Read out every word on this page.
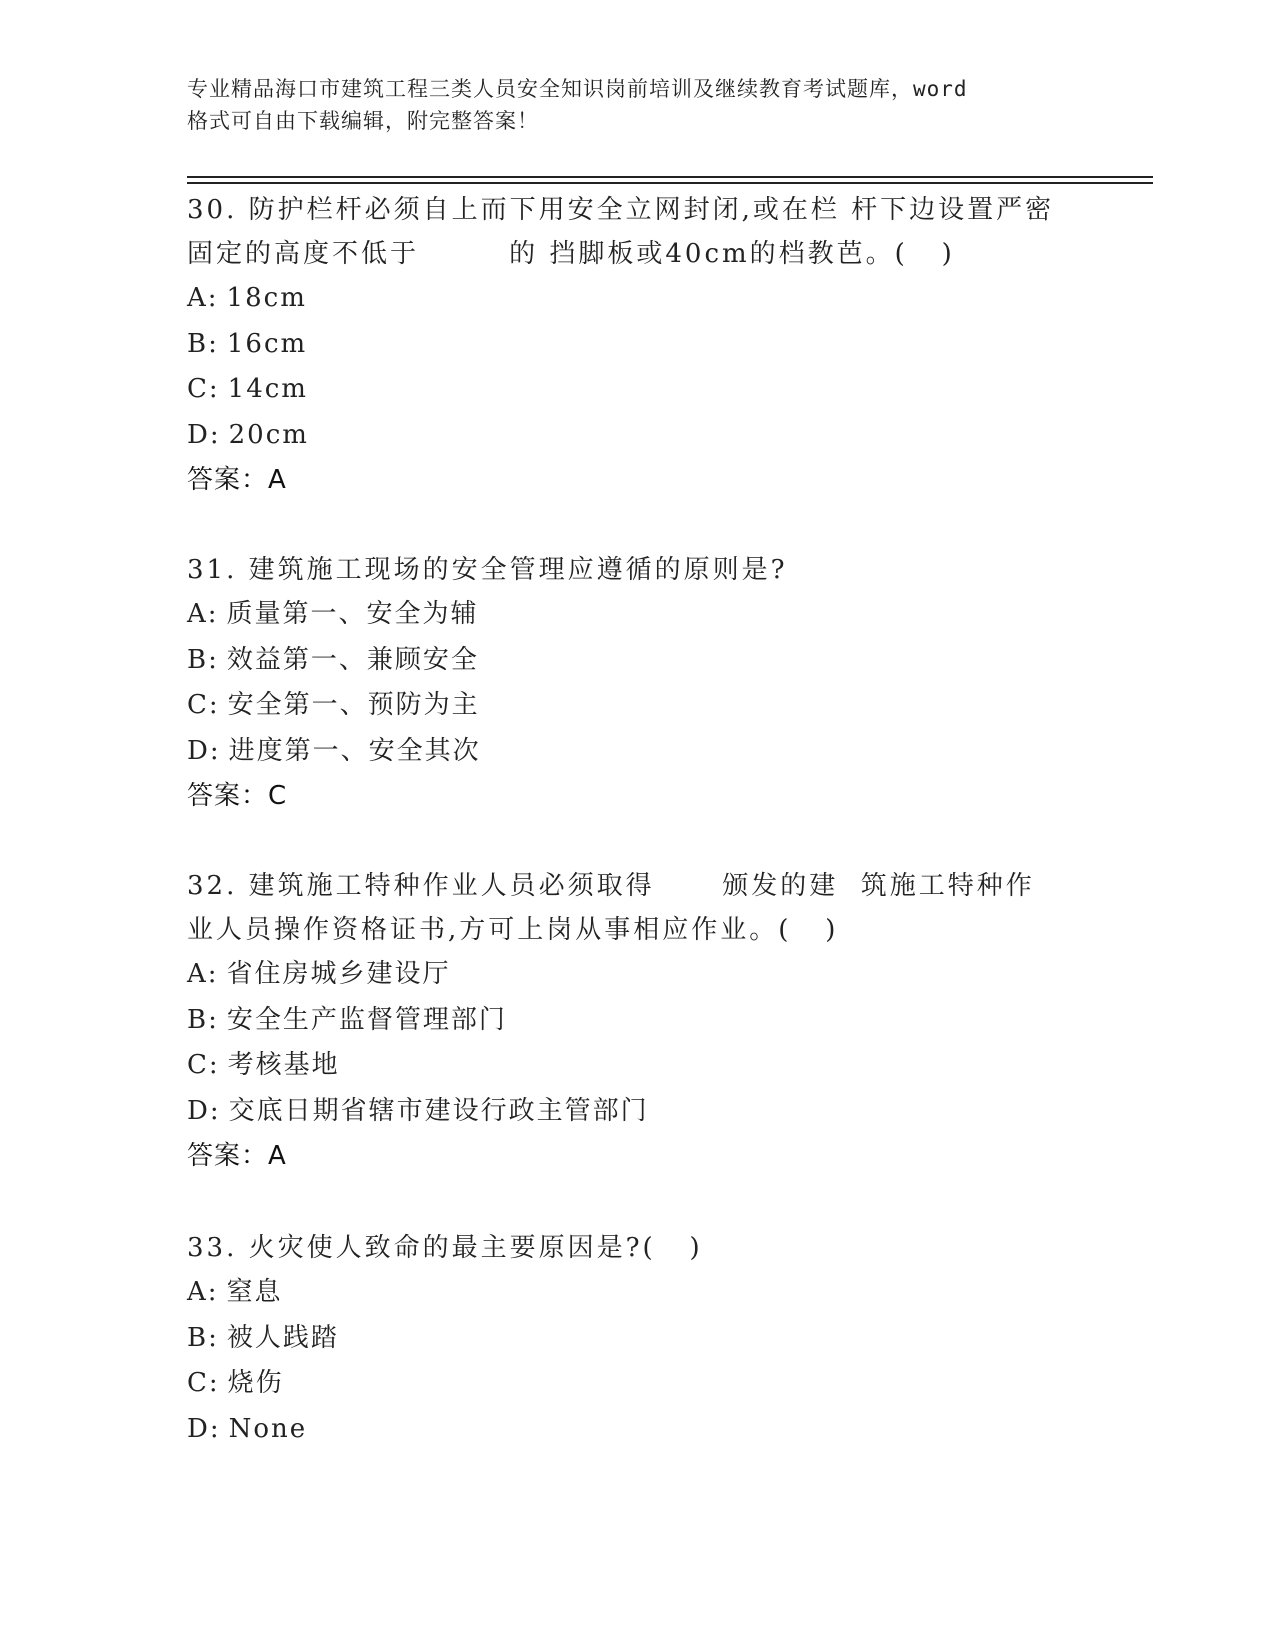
专业精品海口市建筑工程三类人员安全知识岗前培训及继续教育考试题库，word
格式可自由下载编辑，附完整答案！
30. 防护栏杆必须自上而下用安全立网封闭,或在栏 杆下边设置严密
固定的高度不低于        的 挡脚板或40cm的档教芭。(   )
A: 18cm
B: 16cm
C: 14cm
D: 20cm
答案：A
31. 建筑施工现场的安全管理应遵循的原则是?
A: 质量第一、安全为辅
B: 效益第一、兼顾安全
C: 安全第一、预防为主
D: 进度第一、安全其次
答案：C
32. 建筑施工特种作业人员必须取得      颁发的建  筑施工特种作
业人员操作资格证书,方可上岗从事相应作业。(   )
A: 省住房城乡建设厅
B: 安全生产监督管理部门
C: 考核基地
D: 交底日期省辖市建设行政主管部门
答案：A
33. 火灾使人致命的最主要原因是?(   )
A: 窒息
B: 被人践踏
C: 烧伤
D: None
